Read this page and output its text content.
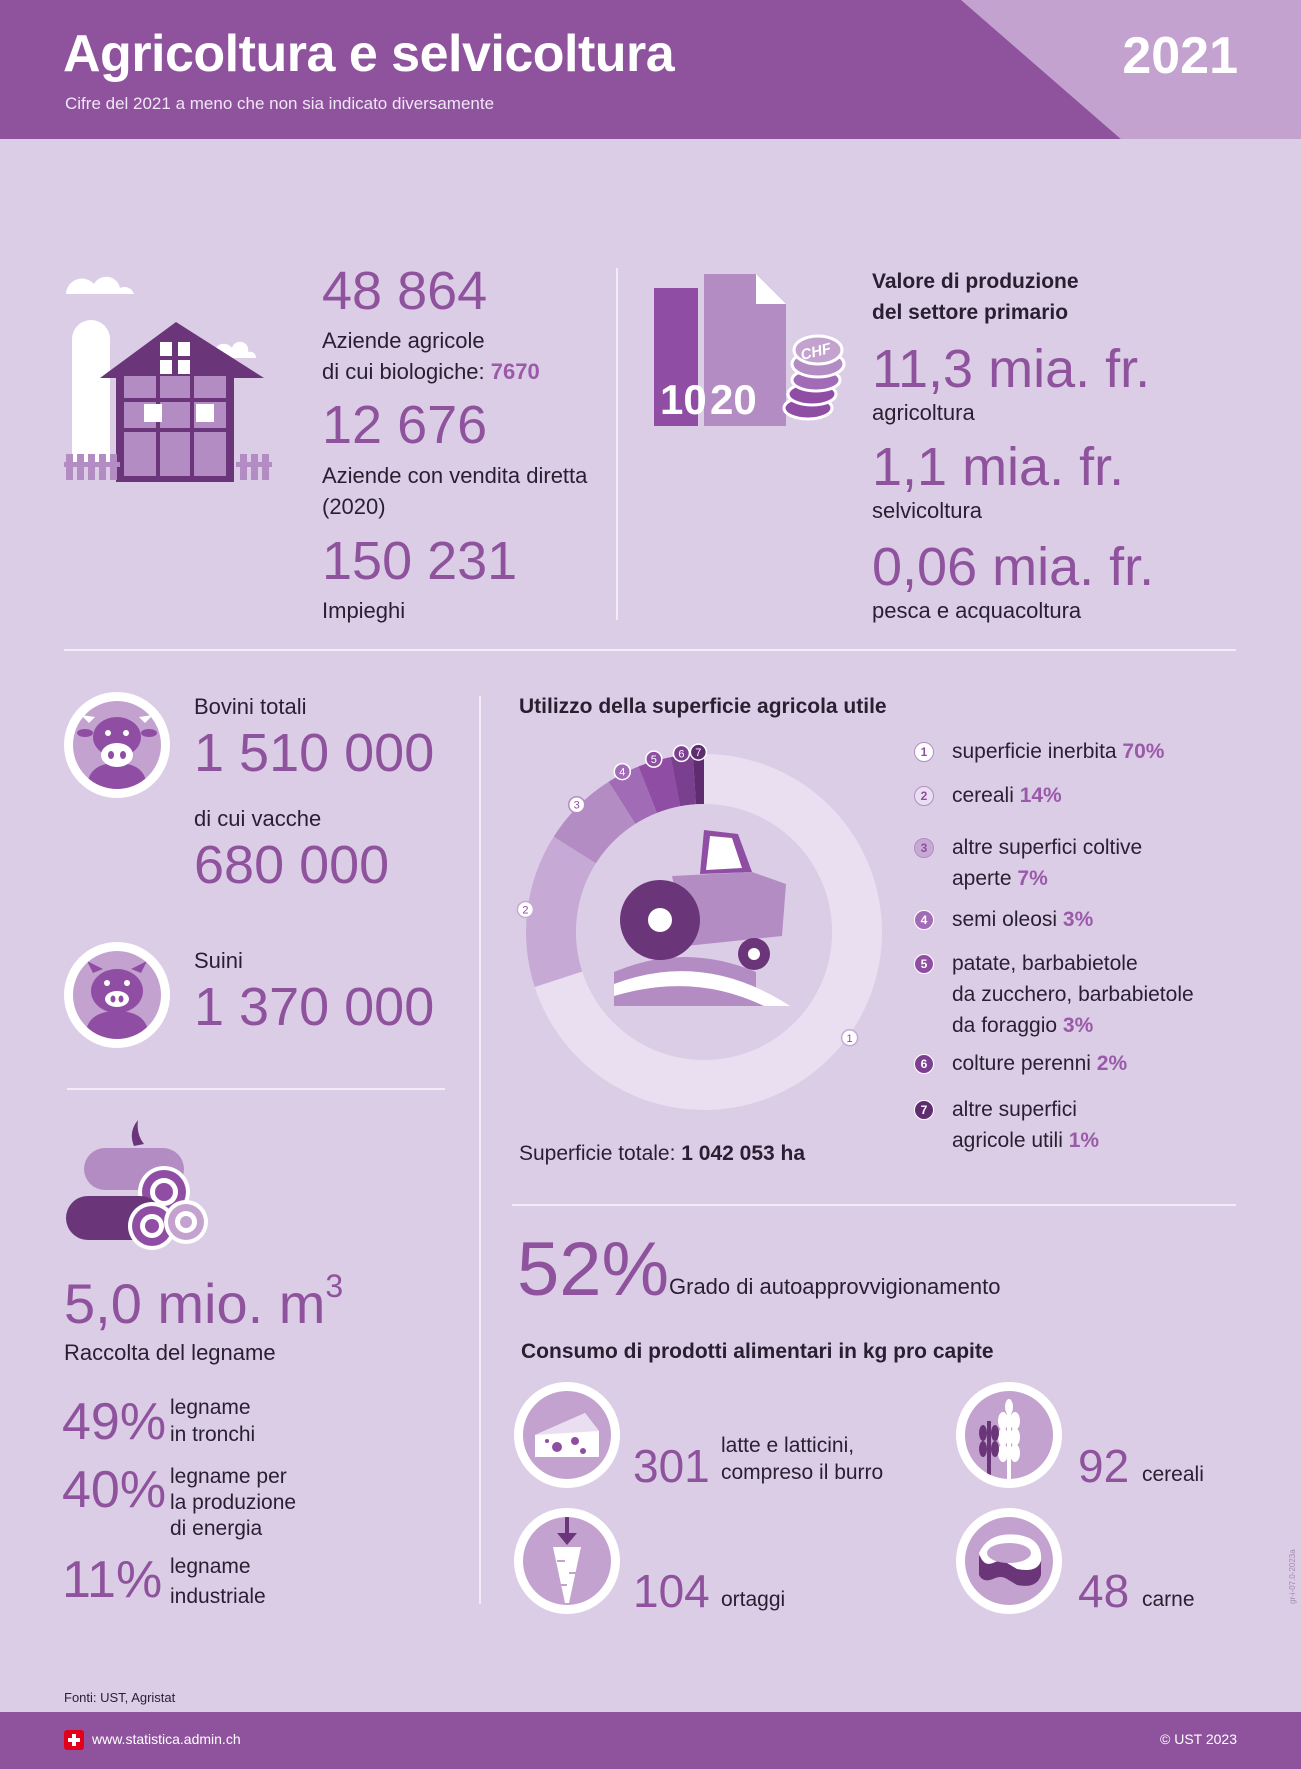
Agricoltura e selvicoltura
Cifre del 2021 a meno che non sia indicato diversamente
2021
48 864
Aziende agricole
di cui biologiche: 7670
12 676
Aziende con vendita diretta
(2020)
150 231
Impieghi
10 20
CHF
Valore di produzione
del settore primario
11,3 mia. fr.
agricoltura
1,1 mia. fr.
selvicoltura
0,06 mia. fr.
pesca e acquacoltura
Bovini totali
1 510 000
di cui vacche
680 000
Suini
1 370 000
5,0 mio. $m^3$
Raccolta del legname
49% legname
in tronchi
40% legname per
la produzione
di energia
11% legname
industriale
Utilizzo della superficie agricola utile
1
2
3
4
5 6 7
Superficie totale: 1 042 053 ha
1	superficie inerbita 70%
2	cereali 14%
3	altre superfici coltive
aperte 7%
4	semi oleosi 3%
5	patate, barbabietole
da zucchero, barbabietole
da foraggio 3%
6	colture perenni 2%
7	altre superfici
agricole utili 1%
52% Grado di autoapprovvigionamento
Consumo di prodotti alimentari in kg pro capite
301 latte e latticini,
compreso il burro	92 cereali
104 ortaggi	48 carne
Fonti: UST, Agristat
gr-i-07.0-2023a
www.statistica.admin.ch	© UST 2023
